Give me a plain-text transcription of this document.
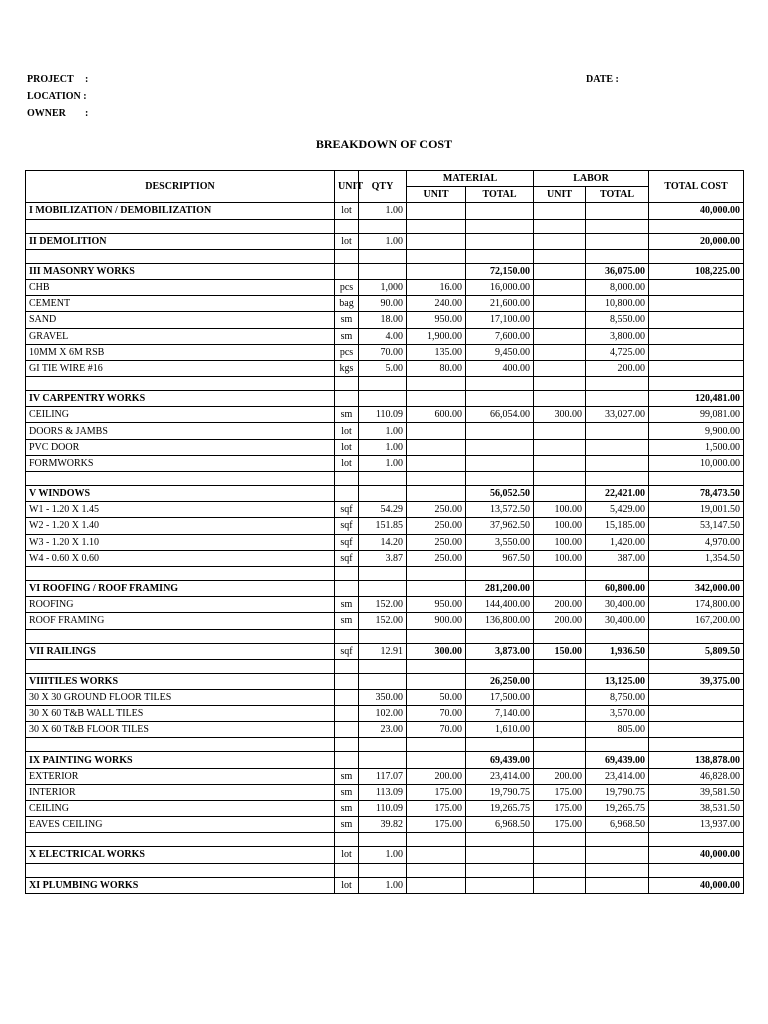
PROJECT :
LOCATION :
OWNER :
DATE :
BREAKDOWN OF COST
DESCRIPTION	UNIT	QTY	MATERIAL		LABOR		TOTAL COST
			UNIT	TOTAL	UNIT	TOTAL	
I MOBILIZATION / DEMOBILIZATION	lot	1.00					40,000.00

II DEMOLITION	lot	1.00					20,000.00

III MASONRY WORKS				72,150.00		36,075.00	108,225.00
CHB	pcs	1,000	16.00	16,000.00		8,000.00	
CEMENT	bag	90.00	240.00	21,600.00		10,800.00	
SAND	sm	18.00	950.00	17,100.00		8,550.00	
GRAVEL	sm	4.00	1,900.00	7,600.00		3,800.00	
10MM X 6M RSB	pcs	70.00	135.00	9,450.00		4,725.00	
GI TIE WIRE #16	kgs	5.00	80.00	400.00		200.00	

IV CARPENTRY WORKS							120,481.00
CEILING	sm	110.09	600.00	66,054.00	300.00	33,027.00	99,081.00
DOORS & JAMBS	lot	1.00					9,900.00
PVC DOOR	lot	1.00					1,500.00
FORMWORKS	lot	1.00					10,000.00

V WINDOWS				56,052.50		22,421.00	78,473.50
W1 - 1.20 X 1.45	sqf	54.29	250.00	13,572.50	100.00	5,429.00	19,001.50
W2 - 1.20 X 1.40	sqf	151.85	250.00	37,962.50	100.00	15,185.00	53,147.50
W3 - 1.20 X 1.10	sqf	14.20	250.00	3,550.00	100.00	1,420.00	4,970.00
W4 - 0.60 X 0.60	sqf	3.87	250.00	967.50	100.00	387.00	1,354.50

VI ROOFING / ROOF FRAMING				281,200.00		60,800.00	342,000.00
ROOFING	sm	152.00	950.00	144,400.00	200.00	30,400.00	174,800.00
ROOF FRAMING	sm	152.00	900.00	136,800.00	200.00	30,400.00	167,200.00

VII RAILINGS	sqf	12.91	300.00	3,873.00	150.00	1,936.50	5,809.50

VIIITILES WORKS				26,250.00		13,125.00	39,375.00
30 X 30 GROUND FLOOR TILES		350.00	50.00	17,500.00		8,750.00	
30 X 60 T&B WALL TILES		102.00	70.00	7,140.00		3,570.00	
30 X 60 T&B FLOOR TILES		23.00	70.00	1,610.00		805.00	

IX PAINTING WORKS				69,439.00		69,439.00	138,878.00
EXTERIOR	sm	117.07	200.00	23,414.00	200.00	23,414.00	46,828.00
INTERIOR	sm	113.09	175.00	19,790.75	175.00	19,790.75	39,581.50
CEILING	sm	110.09	175.00	19,265.75	175.00	19,265.75	38,531.50
EAVES CEILING	sm	39.82	175.00	6,968.50	175.00	6,968.50	13,937.00

X ELECTRICAL WORKS	lot	1.00					40,000.00

XI PLUMBING WORKS	lot	1.00					40,000.00
